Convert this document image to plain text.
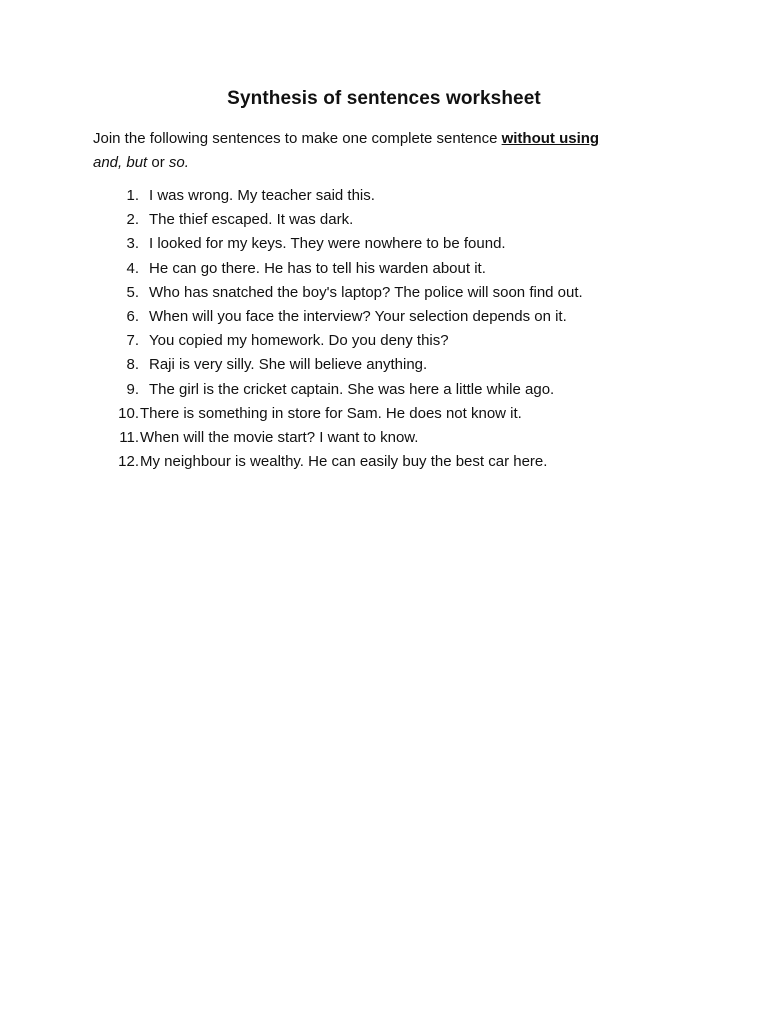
Synthesis of sentences worksheet
Join the following sentences to make one complete sentence without using
and, but or so.
1. I was wrong. My teacher said this.
2. The thief escaped. It was dark.
3. I looked for my keys. They were nowhere to be found.
4. He can go there. He has to tell his warden about it.
5. Who has snatched the boy's laptop? The police will soon find out.
6. When will you face the interview? Your selection depends on it.
7. You copied my homework. Do you deny this?
8. Raji is very silly. She will believe anything.
9. The girl is the cricket captain. She was here a little while ago.
10. There is something in store for Sam. He does not know it.
11. When will the movie start? I want to know.
12. My neighbour is wealthy. He can easily buy the best car here.
